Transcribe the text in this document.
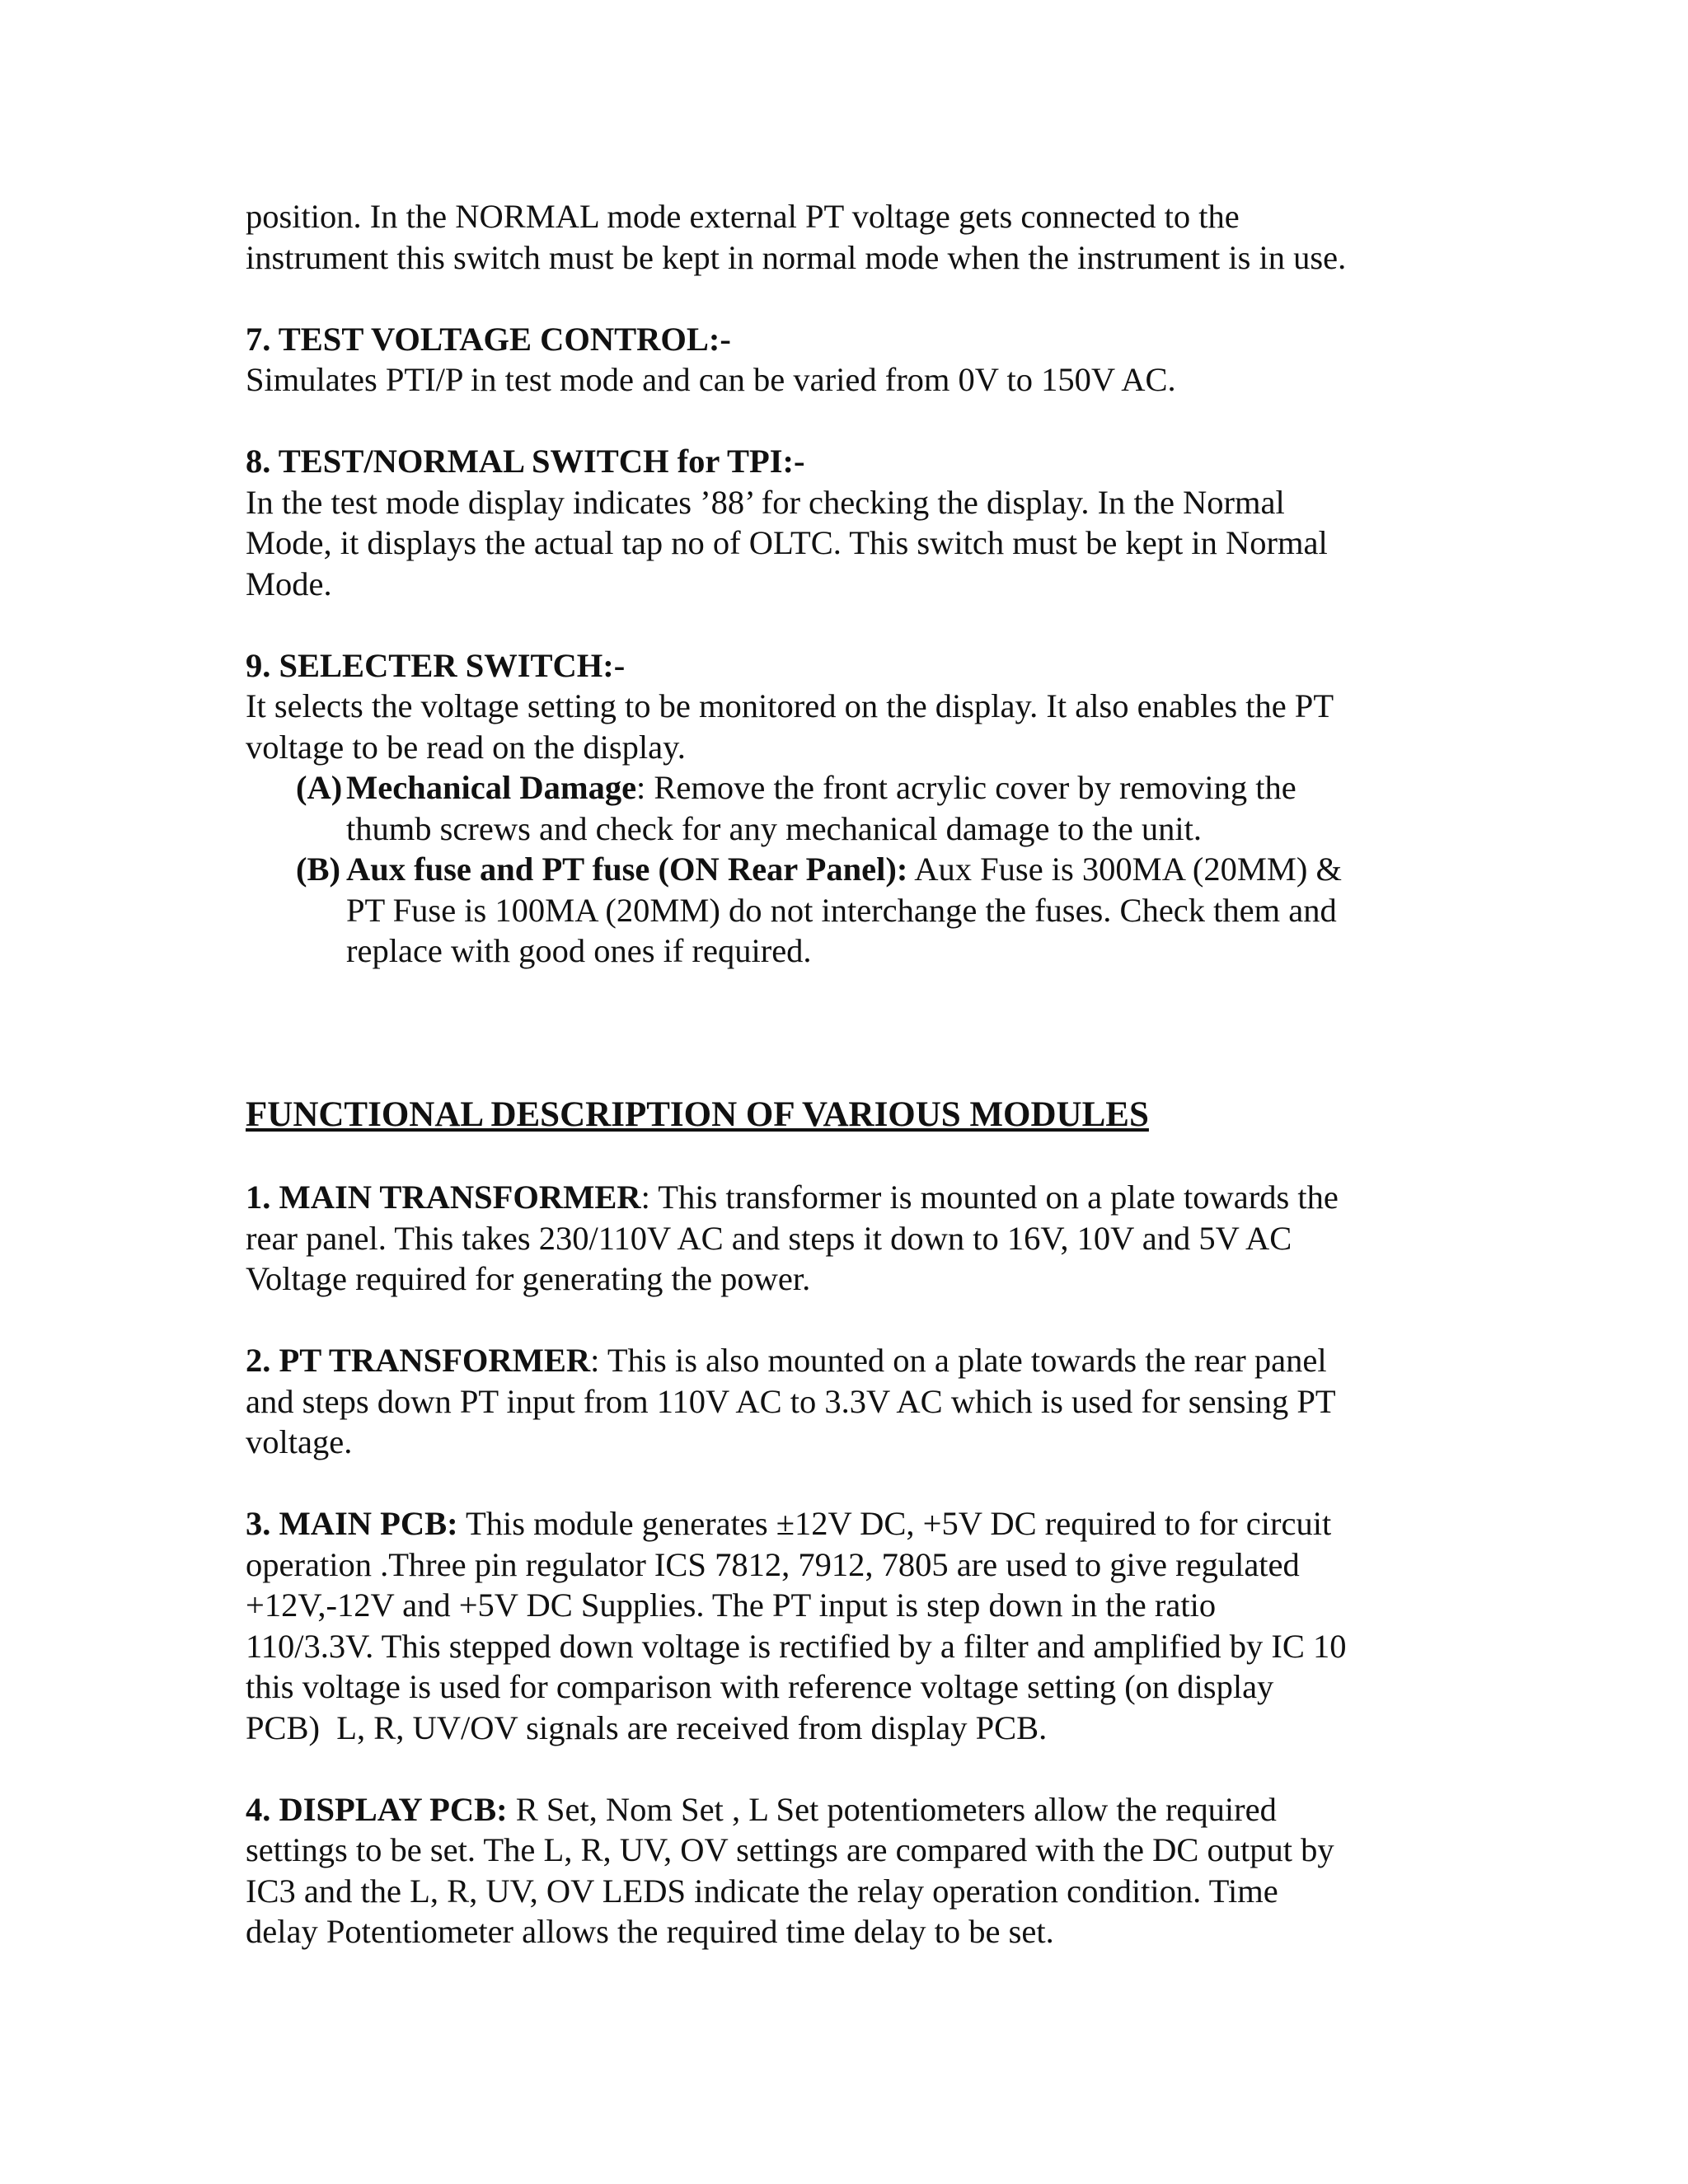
position. In the NORMAL mode external PT voltage gets connected to the
instrument this switch must be kept in normal mode when the instrument is in use.

7. TEST VOLTAGE CONTROL:-

Simulates PTI/P in test mode and can be varied from 0V to 150V AC.

8. TEST/NORMAL SWITCH for TPI:-

In the test mode display indicates ’88’ for checking the display. In the Normal
Mode, it displays the actual tap no of OLTC. This switch must be kept in Normal
Mode.

9. SELECTER SWITCH:-

It selects the voltage setting to be monitored on the display. It also enables the PT
voltage to be read on the display.

(A) Mechanical Damage: Remove the front acrylic cover by removing the
thumb screws and check for any mechanical damage to the unit.
(B) Aux fuse and PT fuse (ON Rear Panel): Aux Fuse is 300MA (20MM) &
PT Fuse is 100MA (20MM) do not interchange the fuses. Check them and
replace with good ones if required.

FUNCTIONAL DESCRIPTION OF VARIOUS MODULES

1. MAIN TRANSFORMER: This transformer is mounted on a plate towards the
rear panel. This takes 230/110V AC and steps it down to 16V, 10V and 5V AC
Voltage required for generating the power.

2. PT TRANSFORMER: This is also mounted on a plate towards the rear panel
and steps down PT input from 110V AC to 3.3V AC which is used for sensing PT
voltage.

3. MAIN PCB: This module generates ±12V DC, +5V DC required to for circuit
operation .Three pin regulator ICS 7812, 7912, 7805 are used to give regulated
+12V,-12V and +5V DC Supplies. The PT input is step down in the ratio
110/3.3V. This stepped down voltage is rectified by a filter and amplified by IC 10
this voltage is used for comparison with reference voltage setting (on display
PCB)  L, R, UV/OV signals are received from display PCB.

4. DISPLAY PCB: R Set, Nom Set , L Set potentiometers allow the required
settings to be set. The L, R, UV, OV settings are compared with the DC output by
IC3 and the L, R, UV, OV LEDS indicate the relay operation condition. Time
delay Potentiometer allows the required time delay to be set.
